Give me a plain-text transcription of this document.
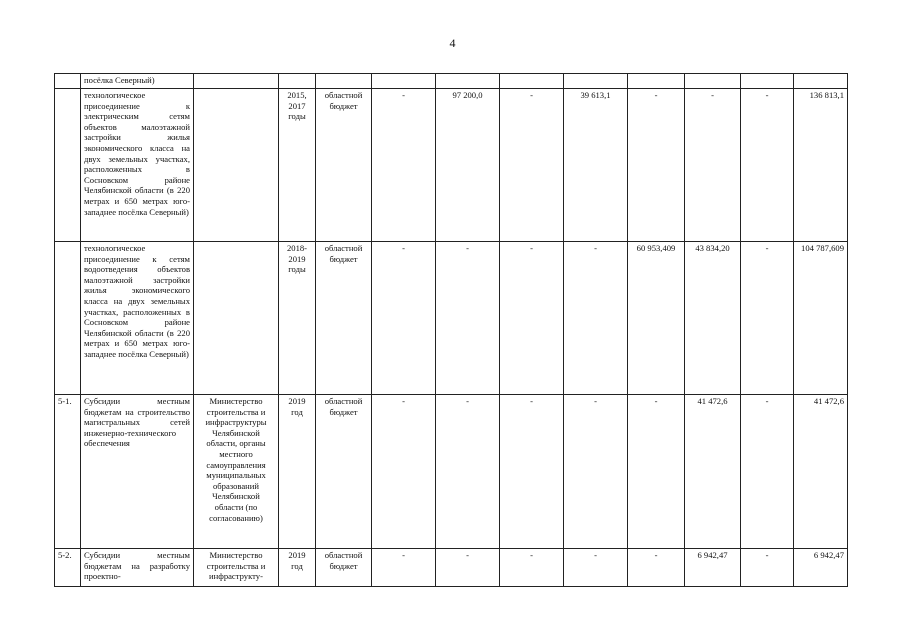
4
	посёлка Северный)											
	технологическое присоединение к электрическим сетям объектов малоэтажной застройки жилья экономического класса на двух земельных участках, расположенных в Сосновском районе Челябинской области (в 220 метрах и 650 метрах юго-западнее посёлка Северный)		2015, 2017 годы	областной бюджет	-	97 200,0	-	39 613,1	-	-	-	136 813,1
	технологическое присоединение к сетям водоотведения объектов малоэтажной застройки жилья экономического класса на двух земельных участках, расположенных в Сосновском районе Челябинской области (в 220 метрах и 650 метрах юго-западнее посёлка Северный)		2018-2019 годы	областной бюджет	-	-	-	-	60 953,409	43 834,20	-	104 787,609
5-1.	Субсидии местным бюджетам на строительство магистральных сетей инженерно-технического обеспечения	Министерство строительства и инфраструктуры Челябинской области, органы местного самоуправления муниципальных образований Челябинской области (по согласованию)	2019 год	областной бюджет	-	-	-	-	-	41 472,6	-	41 472,6
5-2.	Субсидии местным бюджетам на разработку проектно-	Министерство строительства и инфраструкту-	2019 год	областной бюджет	-	-	-	-	-	6 942,47	-	6 942,47
